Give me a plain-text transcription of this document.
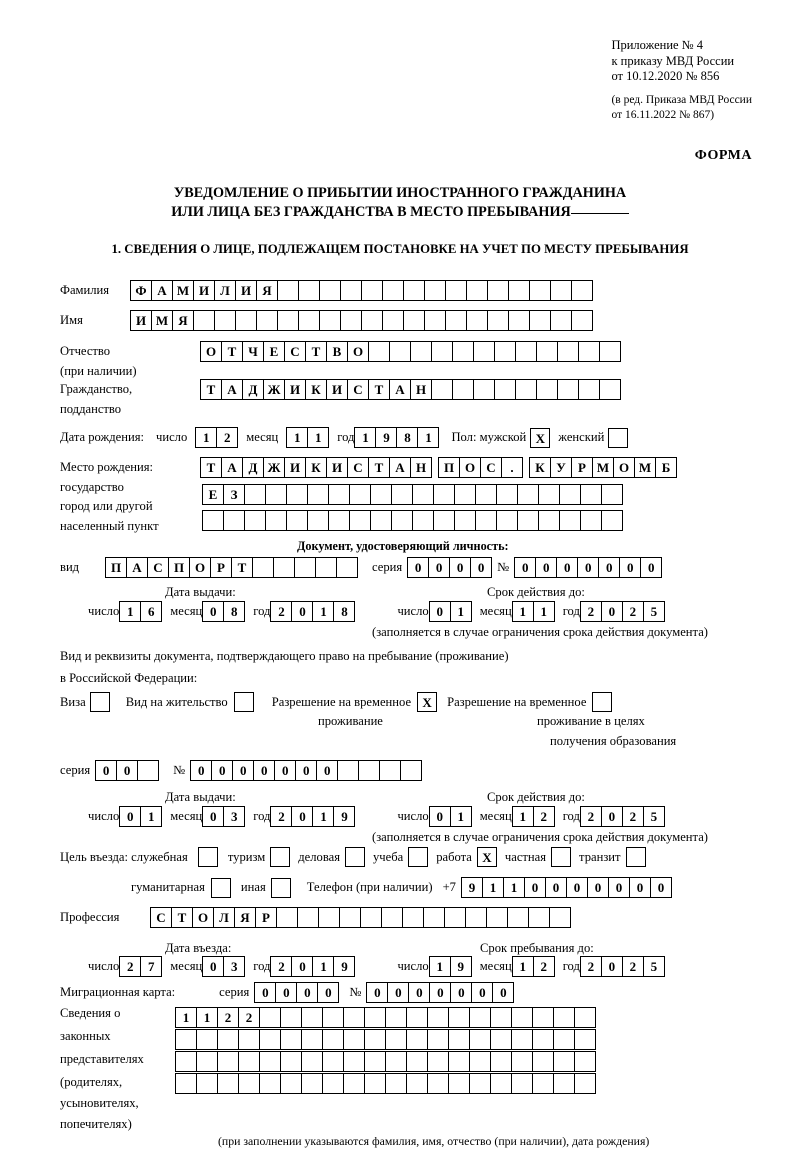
Приложение № 4
к приказу МВД России
от 10.12.2020 № 856
(в ред. Приказа МВД России
от 16.11.2022 № 867)
ФОРМА
УВЕДОМЛЕНИЕ О ПРИБЫТИИ ИНОСТРАННОГО ГРАЖДАНИНА
ИЛИ ЛИЦА БЕЗ ГРАЖДАНСТВА В МЕСТО ПРЕБЫВАНИЯ
1. СВЕДЕНИЯ О ЛИЦЕ, ПОДЛЕЖАЩЕМ ПОСТАНОВКЕ НА УЧЕТ ПО МЕСТУ ПРЕБЫВАНИЯ
Фамилия	Ф А М И Л И Я
Имя	И М Я
Отчество	О Т Ч Е С Т В О
(при наличии)
Гражданство,	Т А Д Ж И К И С Т А Н
подданство
Дата рождения: число	1	2	месяц	1	1	год 1	9	8	1	Пол: мужской X	женский
Место рождения:	Т А Д Ж И К И С Т А Н	П О С	.	К У Р М О М Б
государство	Е	З
город или другой
населенный пункт
Документ, удостоверяющий личность:
вид	П А С П О Р Т	серия 0	0	0	0	№ 0	0	0	0	0	0	0
Дата выдачи:	Срок действия до:
число 1	6	месяц 0	8	год 2	0	1	8	число 0	1	месяц 1	1	год 2	0	2	5
(заполняется в случае ограничения срока действия документа)
Вид и реквизиты документа, подтверждающего право на пребывание (проживание)
в Российской Федерации:
Виза	Вид на жительство	Разрешение на временное X	Разрешение на временное
проживание	проживание в целях
получения образования
серия 0	0	№ 0	0	0	0	0	0	0
Дата выдачи:	Срок действия до:
число 0	1	месяц 0	3	год 2	0	1	9	число 0	1	месяц 1	2	год 2	0	2	5
(заполняется в случае ограничения срока действия документа)
Цель въезда: служебная	туризм	деловая	учеба	работа X	частная	транзит
гуманитарная	иная	Телефон (при наличии) +7 9	1	1	0	0	0	0	0	0	0
Профессия	С Т О Л Я Р
Дата въезда:	Срок пребывания до:
число 2	7	месяц 0	3	год 2	0	1	9	число 1	9	месяц 1	2	год 2	0	2	5
Миграционная карта:	серия 0	0	0	0	№ 0	0	0	0	0	0	0
Сведения о
законных
представителях
(родителях,
усыновителях,
попечителях)
1	1	2	2
(при заполнении указываются фамилия, имя, отчество (при наличии), дата рождения)
